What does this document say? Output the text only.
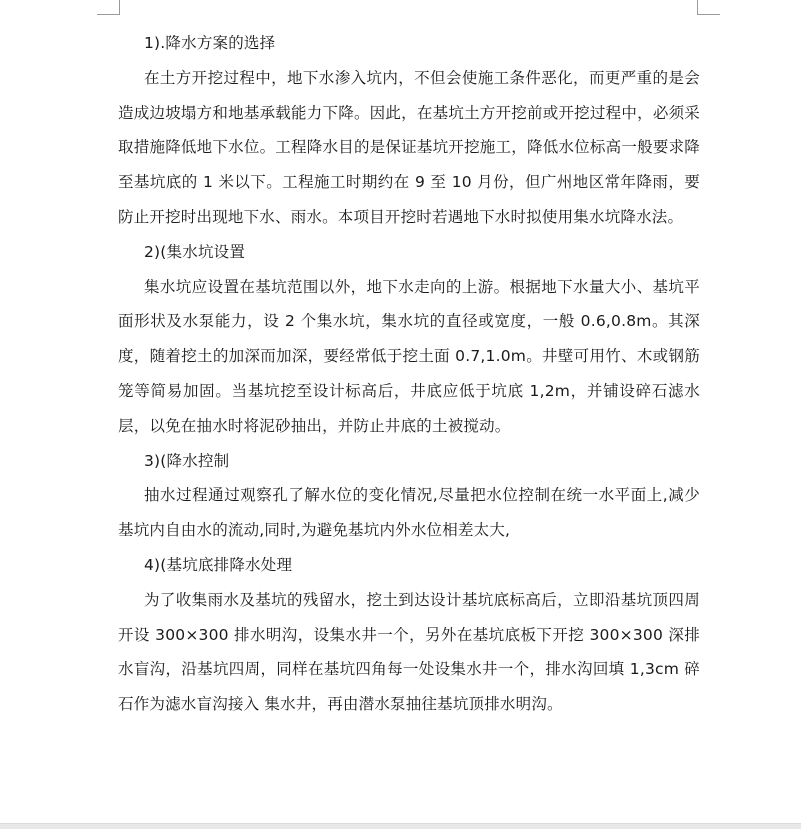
1).降水方案的选择

在土方开挖过程中，地下水渗入坑内，不但会使施工条件恶化，而更严重的是会造成边坡塌方和地基承载能力下降。因此，在基坑土方开挖前或开挖过程中，必须采取措施降低地下水位。工程降水目的是保证基坑开挖施工，降低水位标高一般要求降至基坑底的 1 米以下。工程施工时期约在 9 至 10 月份，但广州地区常年降雨，要防止开挖时出现地下水、雨水。本项目开挖时若遇地下水时拟使用集水坑降水法。

2)(集水坑设置

集水坑应设置在基坑范围以外，地下水走向的上游。根据地下水量大小、基坑平面形状及水泵能力，设 2 个集水坑，集水坑的直径或宽度，一般 0.6,0.8m。其深度，随着挖土的加深而加深，要经常低于挖土面 0.7,1.0m。井壁可用竹、木或钢筋笼等简易加固。当基坑挖至设计标高后，井底应低于坑底 1,2m，并铺设碎石滤水层，以免在抽水时将泥砂抽出，并防止井底的土被搅动。

3)(降水控制

抽水过程通过观察孔了解水位的变化情况,尽量把水位控制在统一水平面上,减少基坑内自由水的流动,同时,为避免基坑内外水位相差太大,

4)(基坑底排降水处理

为了收集雨水及基坑的残留水，挖土到达设计基坑底标高后，立即沿基坑顶四周开设 300×300 排水明沟，设集水井一个，另外在基坑底板下开挖 300×300 深排水盲沟，沿基坑四周，同样在基坑四角每一处设集水井一个，排水沟回填 1,3cm 碎石作为滤水盲沟接入 集水井，再由潜水泵抽往基坑顶排水明沟。
